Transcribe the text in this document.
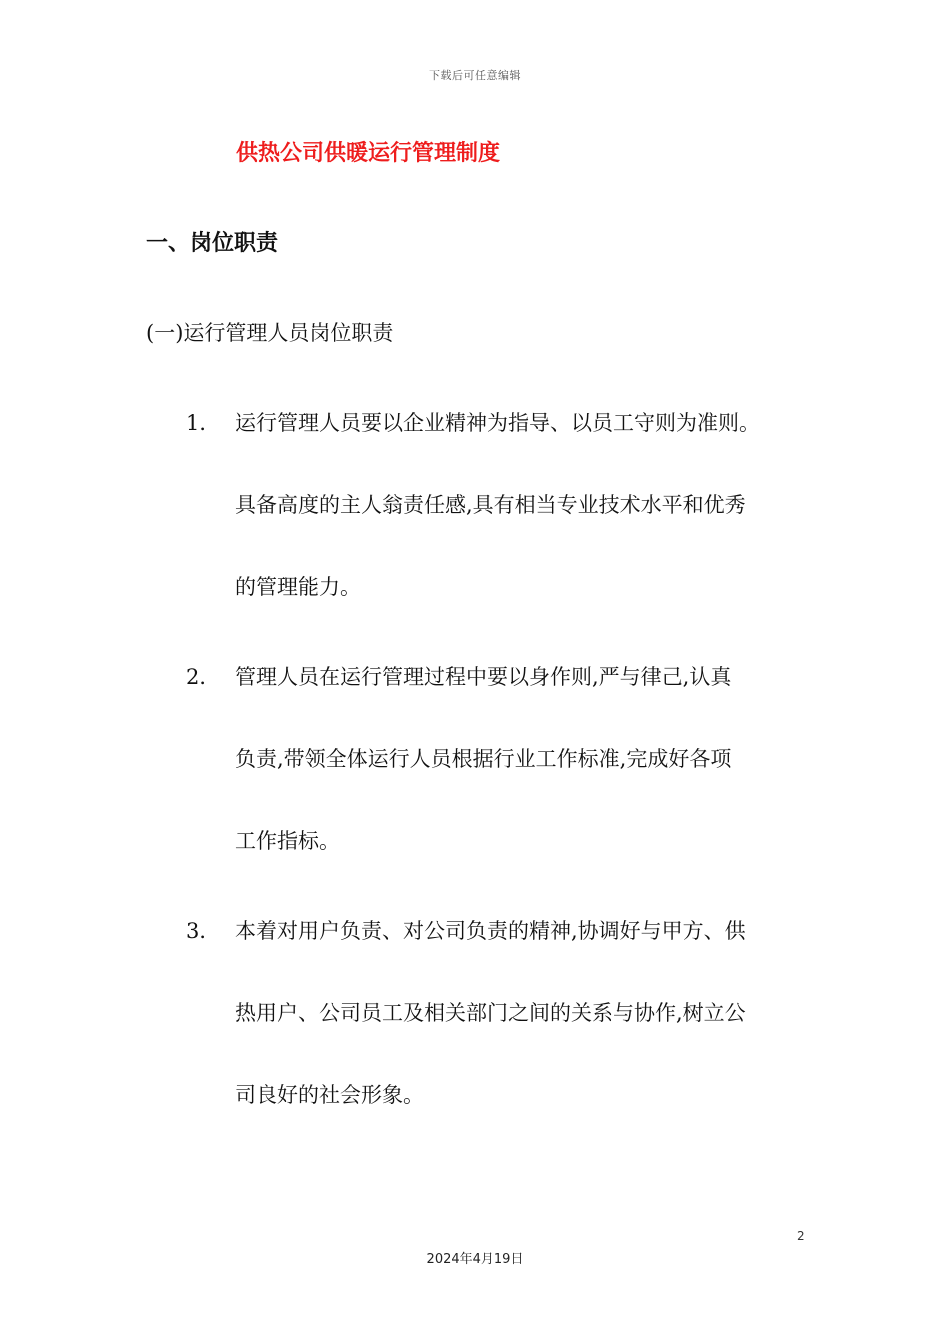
下载后可任意编辑
供热公司供暖运行管理制度
一、岗位职责
(一)运行管理人员岗位职责
1． 运行管理人员要以企业精神为指导、以员工守则为准则。
具备高度的主人翁责任感,具有相当专业技术水平和优秀
的管理能力。
2． 管理人员在运行管理过程中要以身作则,严与律己,认真
负责,带领全体运行人员根据行业工作标准,完成好各项
工作指标。
3． 本着对用户负责、对公司负责的精神,协调好与甲方、供
热用户、公司员工及相关部门之间的关系与协作,树立公
司良好的社会形象。
2
2024年4月19日
